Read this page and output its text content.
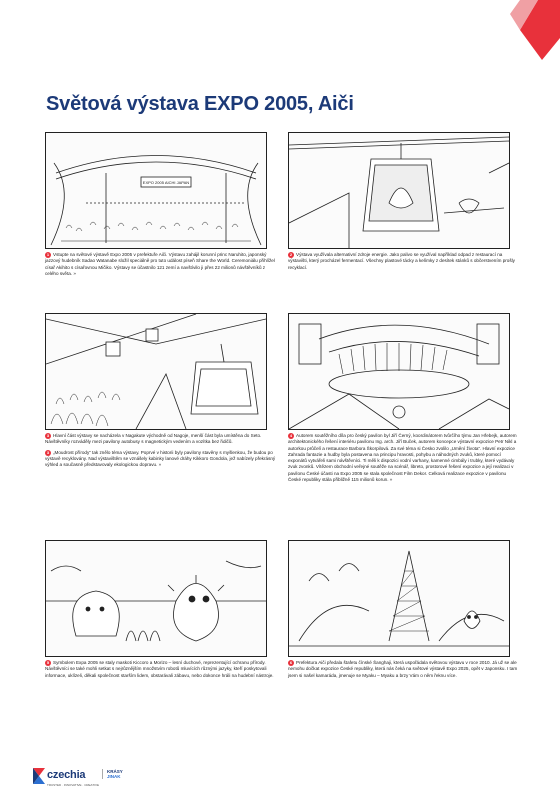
Světová výstava EXPO 2005, Aiči
EXPO 2005 AICHI JAPAN

1 Vstupte na světové výstavě Expo 2005 v prefektuře Aiči. Výstavu zahájil korunní princ Naruhito, japonský jazzový hudebník Sadao Watanabe složil speciálně pro tuto událost píseň Share the World. Ceremoniálu přihlížel císař Akihito s císařovnou Mičiko. Výstavy se účastnilo 121 zemí a navštívilo ji přes 22 milionů návštěvníků z celého světa. »

2 Výstava využívala alternativní zdroje energie. Jako palivo se využíval například odpad z restaurací na výstavišti, který procházel fermentací. Všechny plastové tácky a kelímky z desítek stánků s občerstvením prošly recyklací.

3 Hlavní část výstavy se nacházela v Nagakute východně od Nagoje, menší část byla umístěna do Seto. Návštěvníky rozváděly mezi pavilony autobusy s magnetickým vedením a vozítka bez řidičů.

3 „Moudrost přírody“ tak znělo téma výstavy. Poprvé v historii byly pavilony stavěny s myšlenkou, že budou po výstavě recyklovány. Nad výstavištěm se vznášely kabinky lanové dráhy Kikkoro Gondola, jež nabízely překrásný výhled a současně představovaly ekologickou dopravu. »

4 Autorem soutěžního díla pro český pavilon byl Jiří Černý, koordinátorem tvůrčího týmu Jan Hřebejk, autorem architektonického řešení interiéru pavilonu Ing. arch. Jiří Buček, autorem koncepce výstavní expozice Petr Nikl a autorkou průčelí a restaurace Barbora Škorpilová. Za své téma si Česko zvolilo „Umění života“. Hlavní expozice Zahrada fantazie a hudby byla postavena na principu hravosti, pohybu a náhodných zvuků, které pomocí exponátů vytvářeli sami návštěvníci. Ti měli k dispozici vodní varhany, kamenné cimbály i trubky, které vydávaly zvuk zvonků. Vítězem obchodní veřejné soutěže na scénář, libreto, prostorové řešení expozice a její realizaci v pavilonu České účasti na Expo 2005 se stala společnost Film Dekor. Celková realizace expozice v pavilonu České republiky stála přibližně 115 milionů korun. »

5 Symbolem Expa 2005 se staly maskoti Kiccoro a Morizo – lesní duchové, reprezentující ochranu přírody. Návštěvníci se také mohli setkat s nejrůznějším množstvím robotů mluvících různými jazyky, kteří poskytovali informace, uklízeli, děkali společnost starším lidem, obstarávali zábavu, nebo dokonce hráli na hudební nástroje.

6 Prefektura Aiči předala štafetu čínské Šanghaji, která uspořádala světovou výstavu v roce 2010. Já už se ale nemohu dočkat expozice České republiky, která nás čeká na světové výstavě Expo 2025, opět v Japonsku. I tam jsem si našel kamaráda, jmenuje se Myaku – Myaku a brzy Vám o něm řeknu více.

czechia
TRUSTED · INNOVATIVE · CREATIVE
KRÁSY
JINAK
